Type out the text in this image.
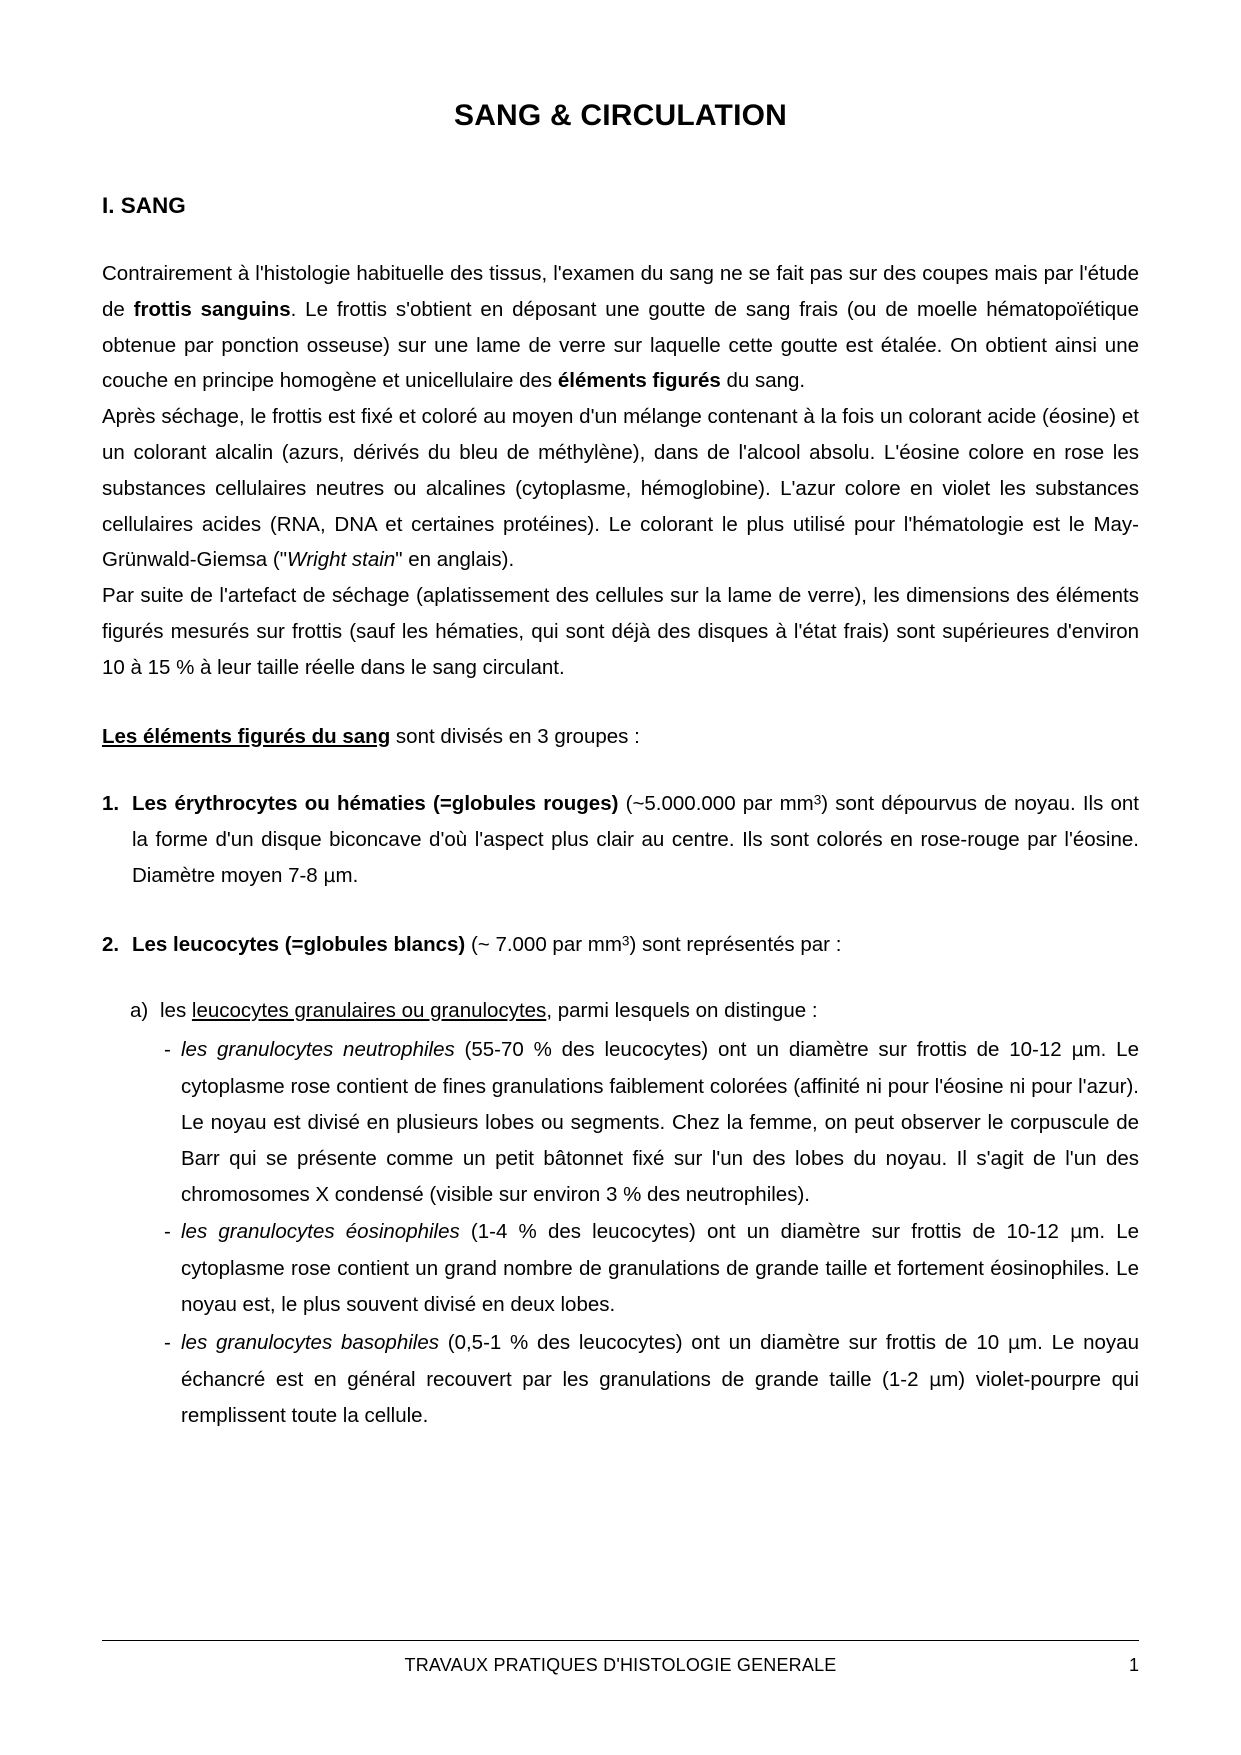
SANG & CIRCULATION
I. SANG

Contrairement à l'histologie habituelle des tissus, l'examen du sang ne se fait pas sur des coupes mais par l'étude de frottis sanguins. Le frottis s'obtient en déposant une goutte de sang frais (ou de moelle hématopoïétique obtenue par ponction osseuse) sur une lame de verre sur laquelle cette goutte est étalée. On obtient ainsi une couche en principe homogène et unicellulaire des éléments figurés du sang.

Après séchage, le frottis est fixé et coloré au moyen d'un mélange contenant à la fois un colorant acide (éosine) et un colorant alcalin (azurs, dérivés du bleu de méthylène), dans de l'alcool absolu. L'éosine colore en rose les substances cellulaires neutres ou alcalines (cytoplasme, hémoglobine). L'azur colore en violet les substances cellulaires acides (RNA, DNA et certaines protéines). Le colorant le plus utilisé pour l'hématologie est le May-Grünwald-Giemsa ("Wright stain" en anglais).

Par suite de l'artefact de séchage (aplatissement des cellules sur la lame de verre), les dimensions des éléments figurés mesurés sur frottis (sauf les hématies, qui sont déjà des disques à l'état frais) sont supérieures d'environ 10 à 15 % à leur taille réelle dans le sang circulant.

Les éléments figurés du sang sont divisés en 3 groupes :

1. Les érythrocytes ou hématies (=globules rouges) (~5.000.000 par $mm^3$) sont dépourvus de noyau. Ils ont la forme d'un disque biconcave d'où l'aspect plus clair au centre. Ils sont colorés en rose-rouge par l'éosine. Diamètre moyen 7-8 µm.
2. Les leucocytes (=globules blancs) (~ 7.000 par $mm^3$) sont représentés par :
a) les leucocytes granulaires ou granulocytes, parmi lesquels on distingue :
- les granulocytes neutrophiles (55-70 % des leucocytes) ont un diamètre sur frottis de 10-12 µm. Le cytoplasme rose contient de fines granulations faiblement colorées (affinité ni pour l'éosine ni pour l'azur). Le noyau est divisé en plusieurs lobes ou segments. Chez la femme, on peut observer le corpuscule de Barr qui se présente comme un petit bâtonnet fixé sur l'un des lobes du noyau. Il s'agit de l'un des chromosomes X condensé (visible sur environ 3 % des neutrophiles).
- les granulocytes éosinophiles (1-4 % des leucocytes) ont un diamètre sur frottis de 10-12 µm. Le cytoplasme rose contient un grand nombre de granulations de grande taille et fortement éosinophiles. Le noyau est, le plus souvent divisé en deux lobes.
- les granulocytes basophiles (0,5-1 % des leucocytes) ont un diamètre sur frottis de 10 µm. Le noyau échancré est en général recouvert par les granulations de grande taille (1-2 µm) violet-pourpre qui remplissent toute la cellule.
TRAVAUX PRATIQUES D'HISTOLOGIE GENERALE	1
